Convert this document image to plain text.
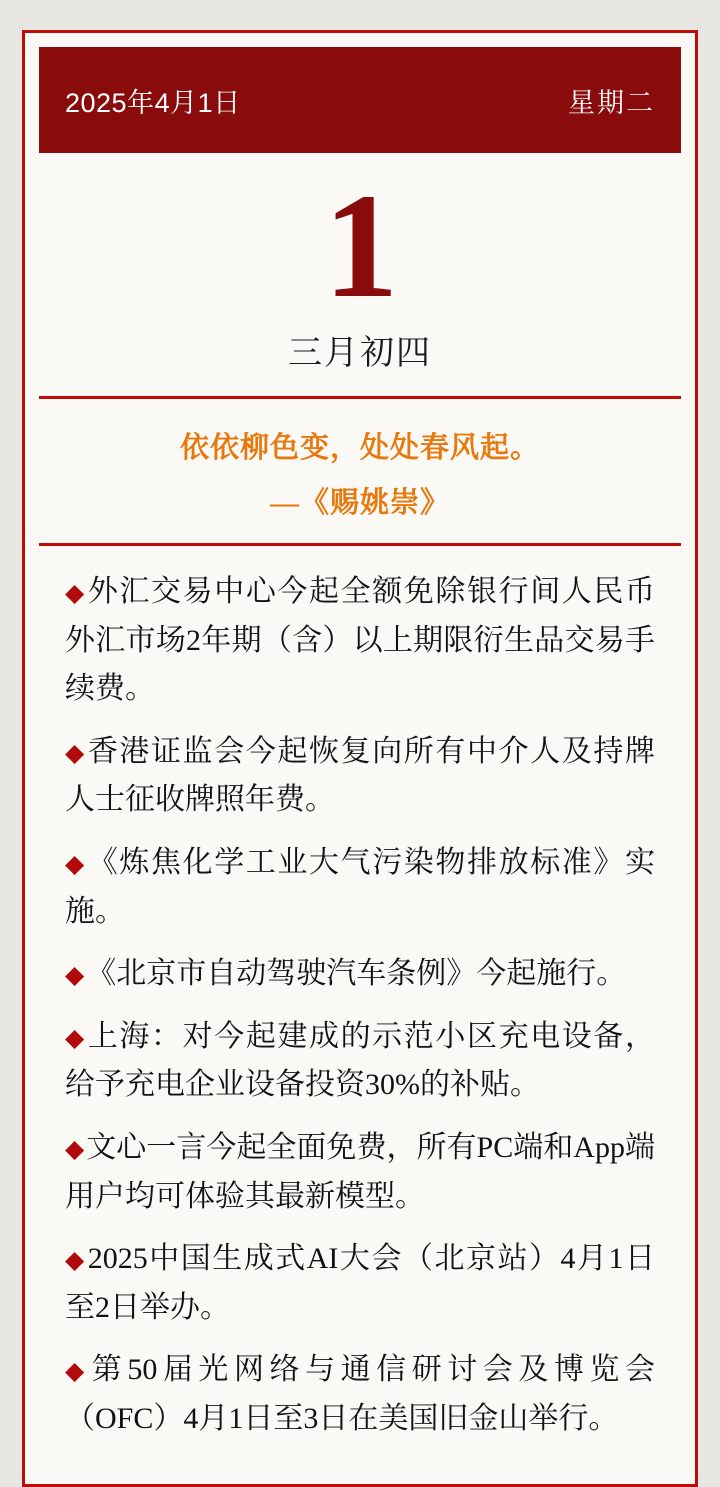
2025年4月1日	星期二
1
三月初四
依依柳色变，处处春风起。
—《赐姚崇》
◆外汇交易中心今起全额免除银行间人民币外汇市场2年期（含）以上期限衍生品交易手续费。
◆香港证监会今起恢复向所有中介人及持牌人士征收牌照年费。
◆《炼焦化学工业大气污染物排放标准》实施。
◆《北京市自动驾驶汽车条例》今起施行。
◆上海：对今起建成的示范小区充电设备，给予充电企业设备投资30%的补贴。
◆文心一言今起全面免费，所有PC端和App端用户均可体验其最新模型。
◆2025中国生成式AI大会（北京站）4月1日至2日举办。
◆第50届光网络与通信研讨会及博览会（OFC）4月1日至3日在美国旧金山举行。
